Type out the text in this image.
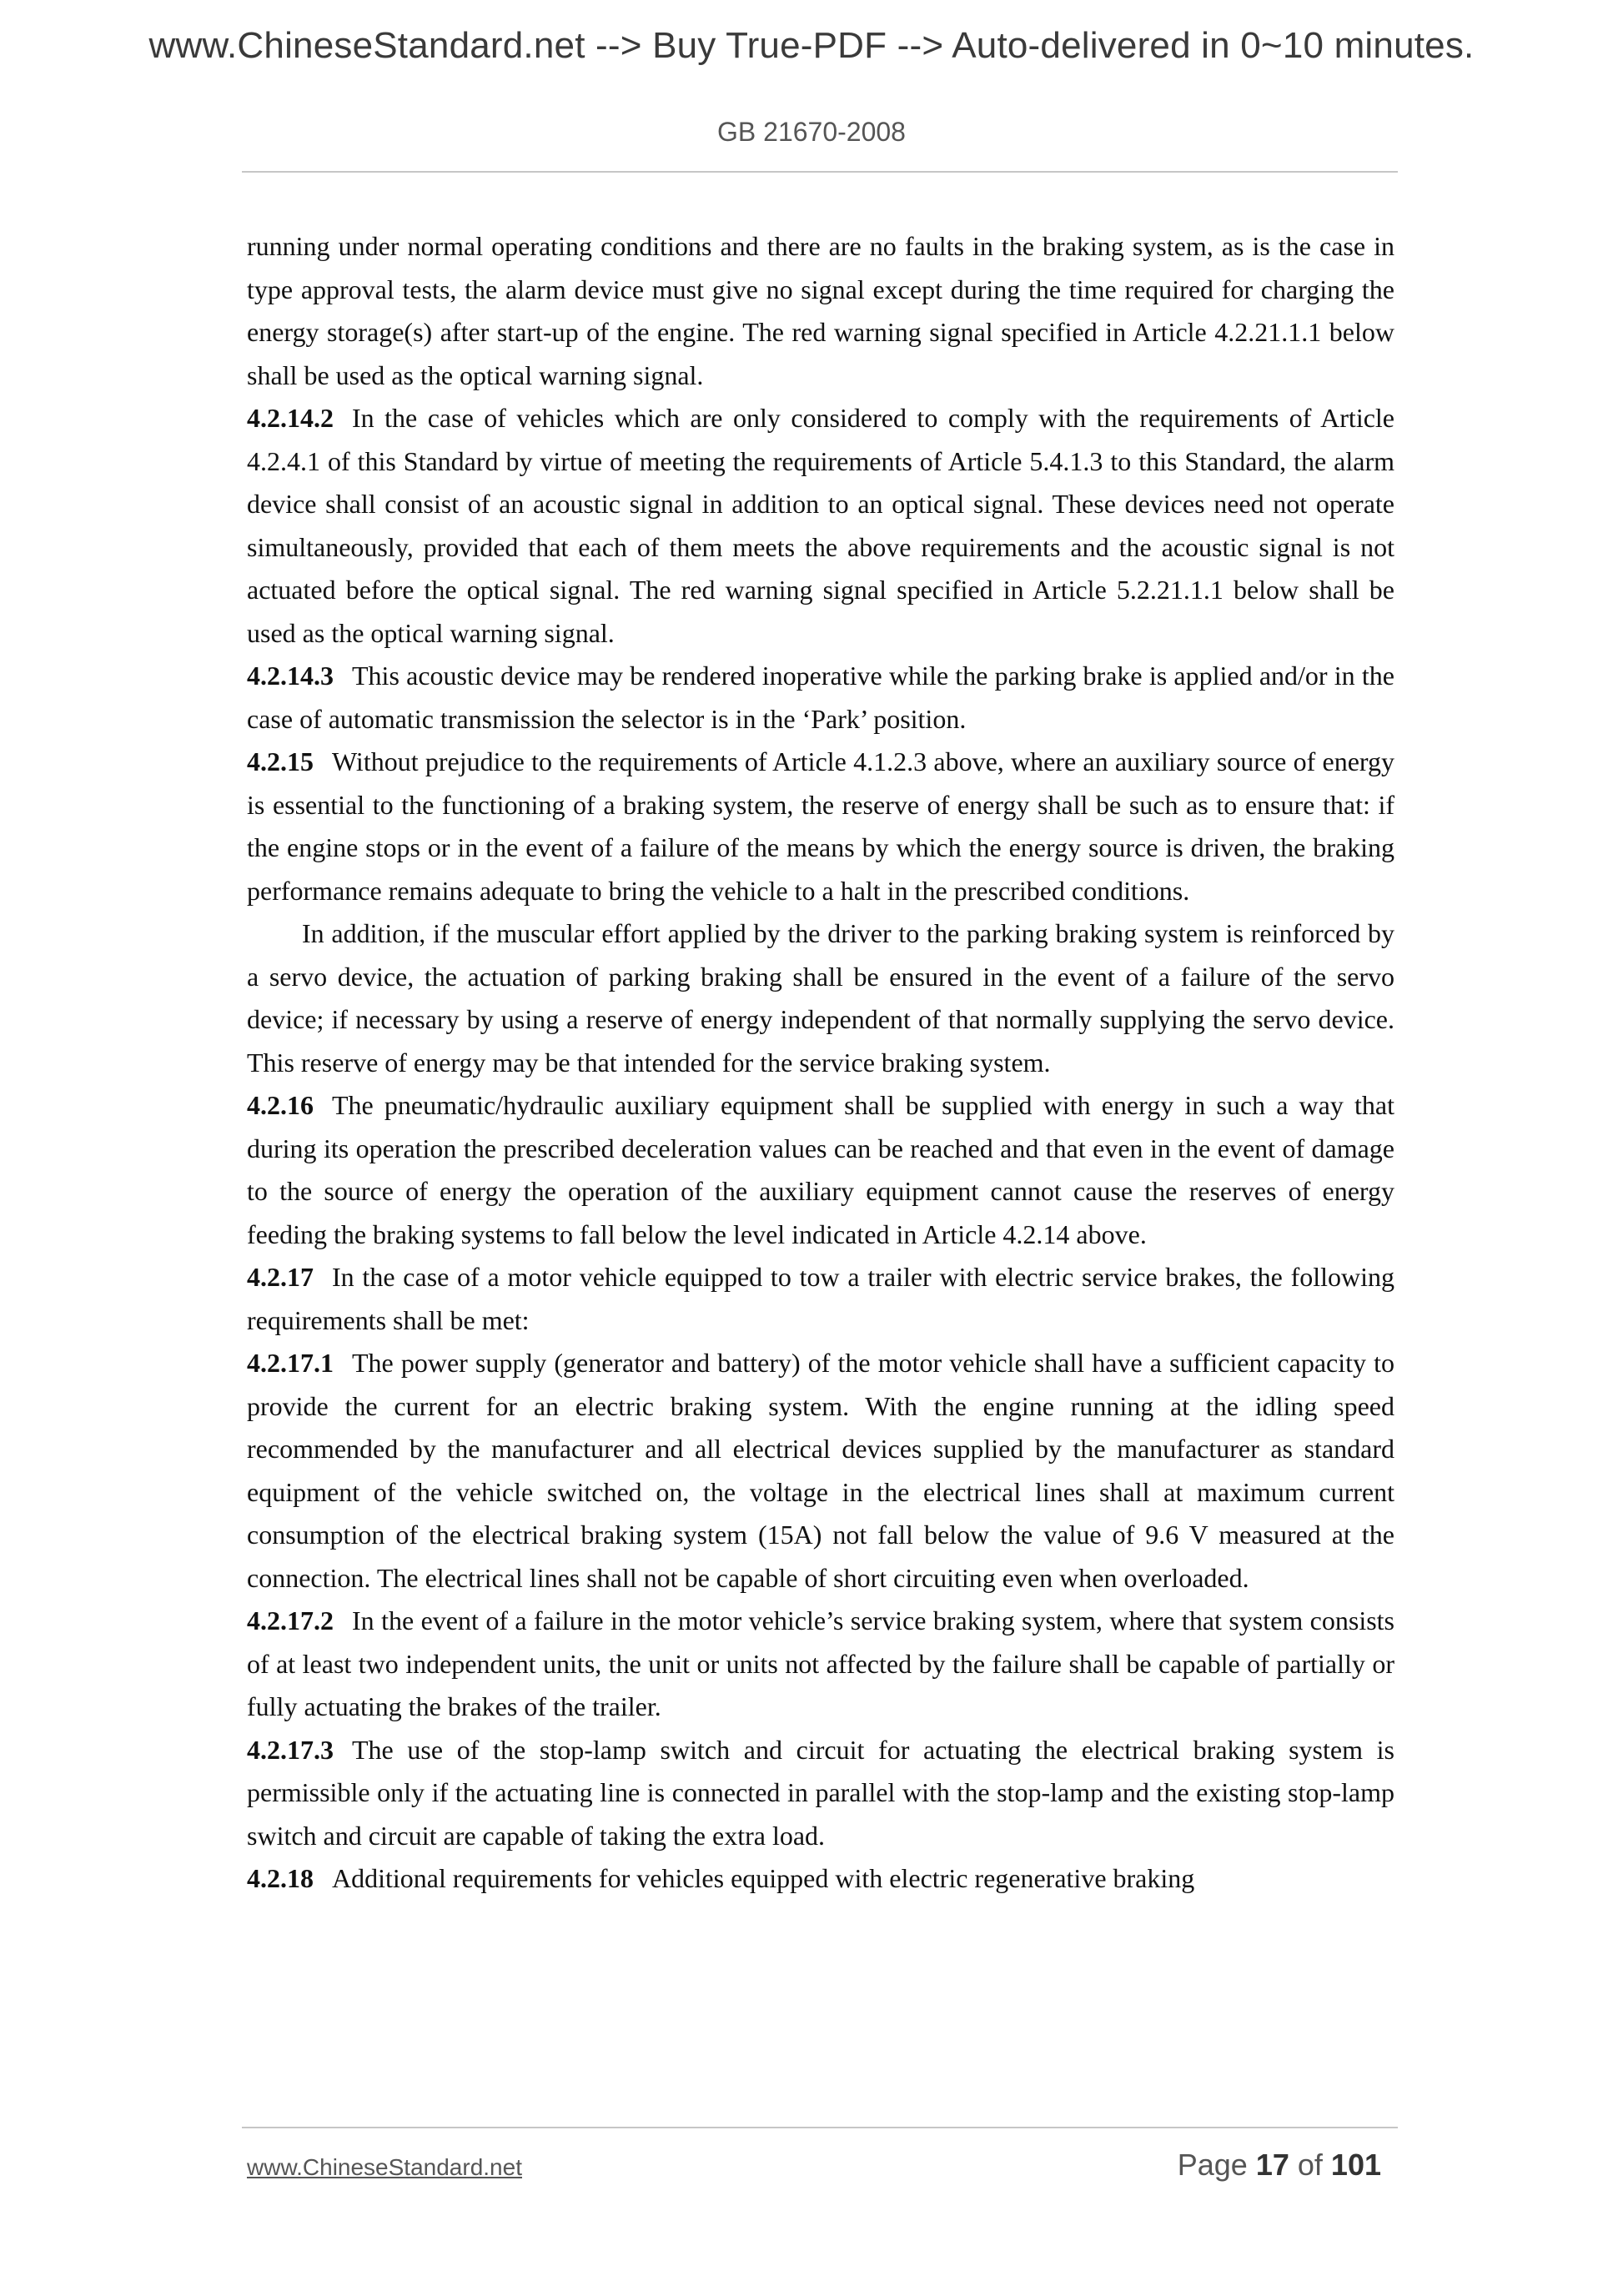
www.ChineseStandard.net --> Buy True-PDF --> Auto-delivered in 0~10 minutes.
GB 21670-2008

running under normal operating conditions and there are no faults in the braking system, as is the case in type approval tests, the alarm device must give no signal except during the time required for charging the energy storage(s) after start-up of the engine. The red warning signal specified in Article 4.2.21.1.1 below shall be used as the optical warning signal.

4.2.14.2 In the case of vehicles which are only considered to comply with the requirements of Article 4.2.4.1 of this Standard by virtue of meeting the requirements of Article 5.4.1.3 to this Standard, the alarm device shall consist of an acoustic signal in addition to an optical signal. These devices need not operate simultaneously, provided that each of them meets the above requirements and the acoustic signal is not actuated before the optical signal. The red warning signal specified in Article 5.2.21.1.1 below shall be used as the optical warning signal.

4.2.14.3 This acoustic device may be rendered inoperative while the parking brake is applied and/or in the case of automatic transmission the selector is in the ‘Park’ position.

4.2.15 Without prejudice to the requirements of Article 4.1.2.3 above, where an auxiliary source of energy is essential to the functioning of a braking system, the reserve of energy shall be such as to ensure that: if the engine stops or in the event of a failure of the means by which the energy source is driven, the braking performance remains adequate to bring the vehicle to a halt in the prescribed conditions.

In addition, if the muscular effort applied by the driver to the parking braking system is reinforced by a servo device, the actuation of parking braking shall be ensured in the event of a failure of the servo device; if necessary by using a reserve of energy independent of that normally supplying the servo device. This reserve of energy may be that intended for the service braking system.

4.2.16 The pneumatic/hydraulic auxiliary equipment shall be supplied with energy in such a way that during its operation the prescribed deceleration values can be reached and that even in the event of damage to the source of energy the operation of the auxiliary equipment cannot cause the reserves of energy feeding the braking systems to fall below the level indicated in Article 4.2.14 above.

4.2.17 In the case of a motor vehicle equipped to tow a trailer with electric service brakes, the following requirements shall be met:

4.2.17.1 The power supply (generator and battery) of the motor vehicle shall have a sufficient capacity to provide the current for an electric braking system. With the engine running at the idling speed recommended by the manufacturer and all electrical devices supplied by the manufacturer as standard equipment of the vehicle switched on, the voltage in the electrical lines shall at maximum current consumption of the electrical braking system (15A) not fall below the value of 9.6 V measured at the connection. The electrical lines shall not be capable of short circuiting even when overloaded.

4.2.17.2 In the event of a failure in the motor vehicle’s service braking system, where that system consists of at least two independent units, the unit or units not affected by the failure shall be capable of partially or fully actuating the brakes of the trailer.

4.2.17.3 The use of the stop-lamp switch and circuit for actuating the electrical braking system is permissible only if the actuating line is connected in parallel with the stop-lamp and the existing stop-lamp switch and circuit are capable of taking the extra load.

4.2.18 Additional requirements for vehicles equipped with electric regenerative braking

www.ChineseStandard.net	Page 17 of 101
